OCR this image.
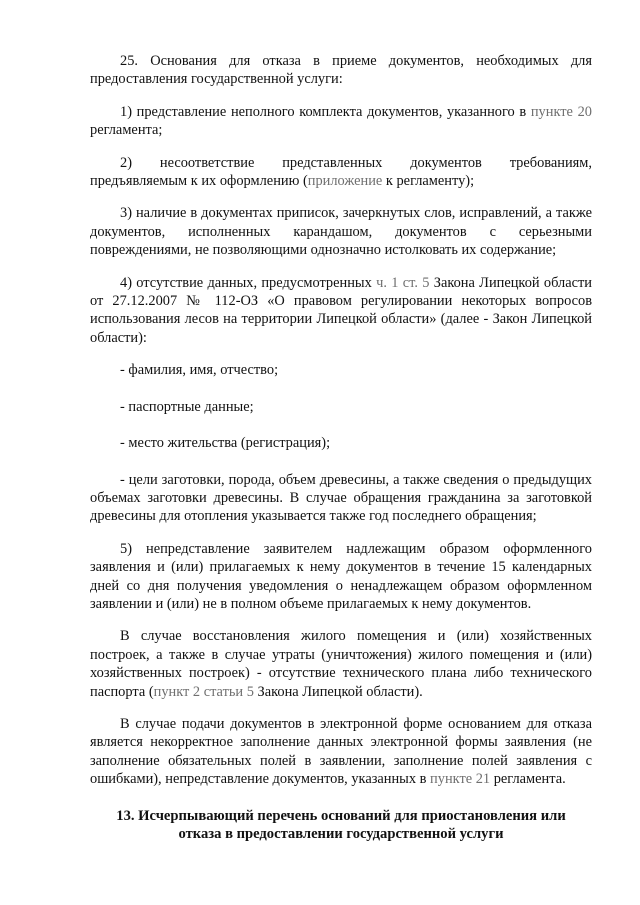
25. Основания для отказа в приеме документов, необходимых для предоставления государственной услуги:

1) представление неполного комплекта документов, указанного в пункте 20 регламента;

2) несоответствие представленных документов требованиям, предъявляемым к их оформлению (приложение к регламенту);

3) наличие в документах приписок, зачеркнутых слов, исправлений, а также документов, исполненных карандашом, документов с серьезными повреждениями, не позволяющими однозначно истолковать их содержание;

4) отсутствие данных, предусмотренных ч. 1 ст. 5 Закона Липецкой области от 27.12.2007 № 112-ОЗ «О правовом регулировании некоторых вопросов использования лесов на территории Липецкой области» (далее - Закон Липецкой области):

- фамилия, имя, отчество;

- паспортные данные;

- место жительства (регистрация);

- цели заготовки, порода, объем древесины, а также сведения о предыдущих объемах заготовки древесины. В случае обращения гражданина за заготовкой древесины для отопления указывается также год последнего обращения;

5) непредставление заявителем надлежащим образом оформленного заявления и (или) прилагаемых к нему документов в течение 15 календарных дней со дня получения уведомления о ненадлежащем образом оформленном заявлении и (или) не в полном объеме прилагаемых к нему документов.

В случае восстановления жилого помещения и (или) хозяйственных построек, а также в случае утраты (уничтожения) жилого помещения и (или) хозяйственных построек) - отсутствие технического плана либо технического паспорта (пункт 2 статьи 5 Закона Липецкой области).

В случае подачи документов в электронной форме основанием для отказа является некорректное заполнение данных электронной формы заявления (не заполнение обязательных полей в заявлении, заполнение полей заявления с ошибками), непредставление документов, указанных в пункте 21 регламента.

13. Исчерпывающий перечень оснований для приостановления или отказа в предоставлении государственной услуги
